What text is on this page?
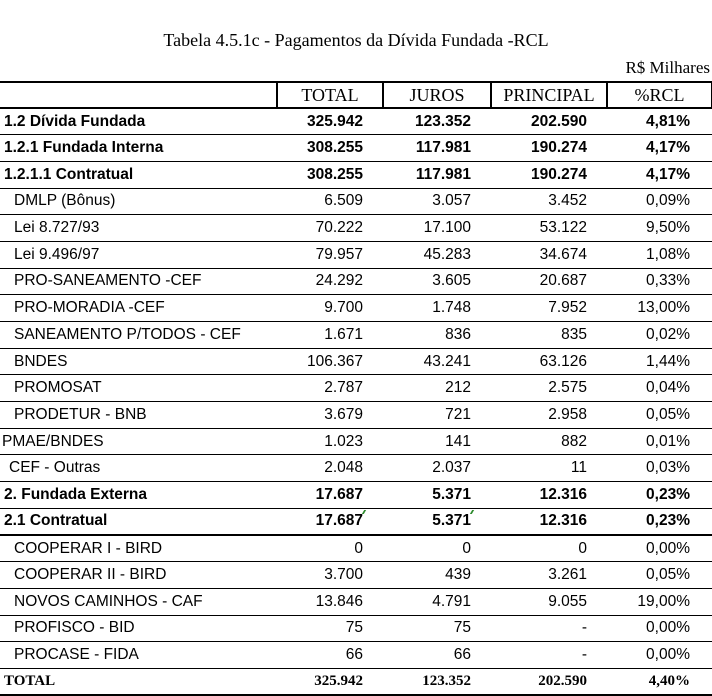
Tabela 4.5.1c - Pagamentos da Dívida Fundada -RCL
R$ Milhares
	TOTAL	JUROS	PRINCIPAL	%RCL
1.2 Dívida Fundada	325.942	123.352	202.590	4,81%
1.2.1 Fundada Interna	308.255	117.981	190.274	4,17%
1.2.1.1 Contratual	308.255	117.981	190.274	4,17%
DMLP (Bônus)	6.509	3.057	3.452	0,09%
Lei 8.727/93	70.222	17.100	53.122	9,50%
Lei 9.496/97	79.957	45.283	34.674	1,08%
PRO-SANEAMENTO -CEF	24.292	3.605	20.687	0,33%
PRO-MORADIA -CEF	9.700	1.748	7.952	13,00%
SANEAMENTO P/TODOS - CEF	1.671	836	835	0,02%
BNDES	106.367	43.241	63.126	1,44%
PROMOSAT	2.787	212	2.575	0,04%
PRODETUR - BNB	3.679	721	2.958	0,05%
PMAE/BNDES	1.023	141	882	0,01%
CEF - Outras	2.048	2.037	11	0,03%
2. Fundada Externa	17.687	5.371	12.316	0,23%
2.1 Contratual	17.687	5.371	12.316	0,23%
COOPERAR I - BIRD	0	0	0	0,00%
COOPERAR II - BIRD	3.700	439	3.261	0,05%
NOVOS CAMINHOS - CAF	13.846	4.791	9.055	19,00%
PROFISCO - BID	75	75	-	0,00%
PROCASE - FIDA	66	66	-	0,00%
TOTAL	325.942	123.352	202.590	4,40%
